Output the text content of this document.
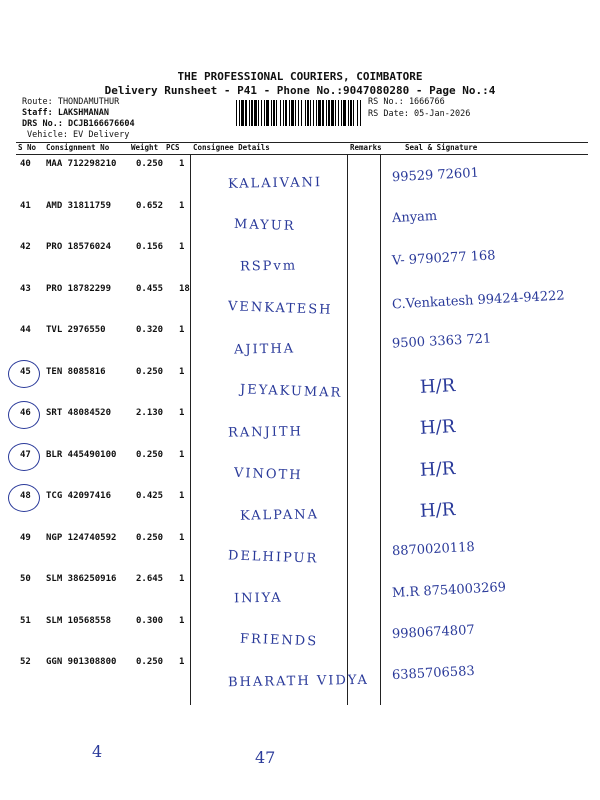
THE PROFESSIONAL COURIERS, COIMBATORE
Delivery Runsheet - P41 - Phone No.:9047080280 - Page No.:4
Route: THONDAMUTHUR
Staff: LAKSHMANAN
DRS No.: DCJB166676604
Vehicle: EV Delivery
RS No.: 1666766
RS Date: 05-Jan-2026
S No Consignment No	Weight PCS Consignee Details	Remarks	Seal & Signature
40 MAA 712298210 0.250 1
KALAIVANI	99529 72601
41 AMD 31811759	0.652 1
MAYUR	Anyam
42 PRO 18576024	0.156 1
RSPvm	V- 9790277 168
43 PRO 18782299	0.455 18
VENKATESH	C.Venkatesh 99424-94222
44 TVL 2976550	0.320 1
AJITHA	9500 3363 721
45 TEN 8085816	0.250 1
JEYAKUMAR	H/R
46 SRT 48084520	2.130 1
RANJITH	H/R
47 BLR 445490100 0.250 1
VINOTH	H/R
48 TCG 42097416	0.425 1
KALPANA	H/R
49 NGP 124740592 0.250 1
DELHIPUR	8870020118
50 SLM 386250916 2.645 1
INIYA	M.R 8754003269
51 SLM 10568558	0.300 1
FRIENDS	9980674807
52 GGN 901308800 0.250 1
BHARATH VIDYA 6385706583
4	47
